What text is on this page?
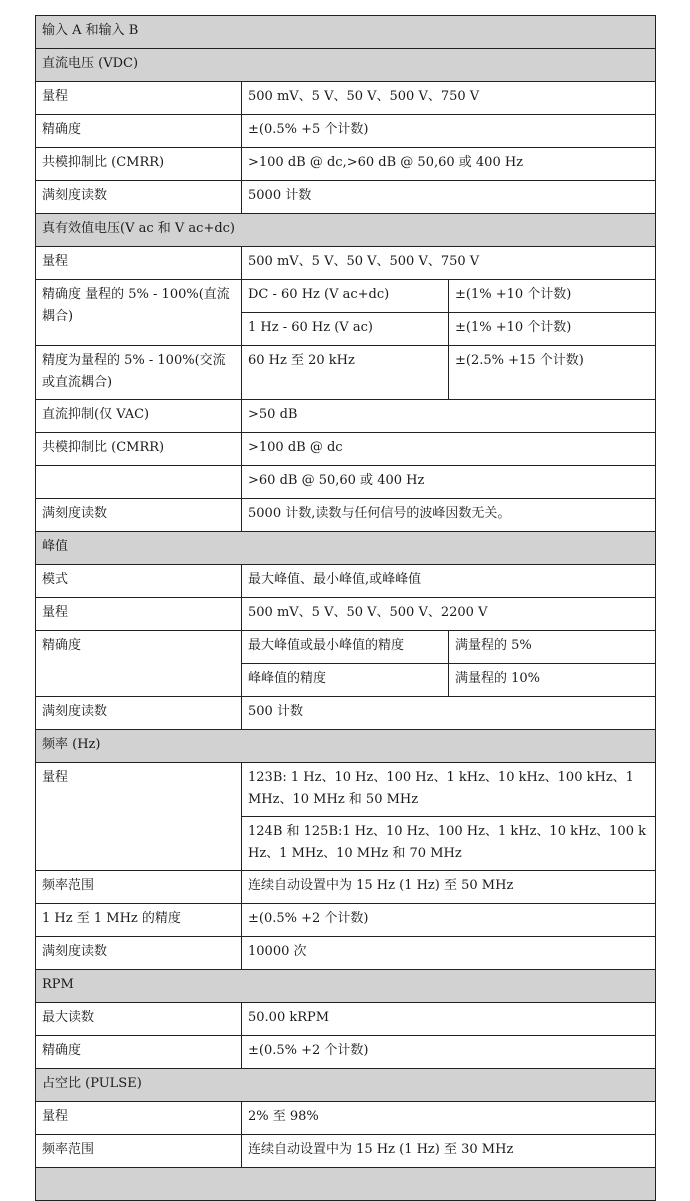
输入 A 和输入 B		
直流电压 (VDC)		
量程	500 mV、5 V、50 V、500 V、750 V	
精确度	±(0.5% +5 个计数)	
共模抑制比 (CMRR)	>100 dB @ dc,>60 dB @ 50,60 或 400 Hz	
满刻度读数	5000 计数	
真有效值电压(V ac 和 V ac+dc)		
量程	500 mV、5 V、50 V、500 V、750 V	
精确度 量程的 5% - 100%(直流耦合)	DC - 60 Hz (V ac+dc)	±(1% +10 个计数)
	1 Hz - 60 Hz (V ac)	±(1% +10 个计数)
精度为量程的 5% - 100%(交流或直流耦合)	60 Hz 至 20 kHz	±(2.5% +15 个计数)
直流抑制(仅 VAC)	>50 dB	
共模抑制比 (CMRR)	>100 dB @ dc	
	>60 dB @ 50,60 或 400 Hz	
满刻度读数	5000 计数,读数与任何信号的波峰因数无关。	
峰值		
模式	最大峰值、最小峰值,或峰峰值	
量程	500 mV、5 V、50 V、500 V、2200 V	
精确度	最大峰值或最小峰值的精度	满量程的 5%
	峰峰值的精度	满量程的 10%
满刻度读数	500 计数	
频率 (Hz)		
量程	123B: 1 Hz、10 Hz、100 Hz、1 kHz、10 kHz、100 kHz、1 MHz、10 MHz 和 50 MHz	
	124B 和 125B:1 Hz、10 Hz、100 Hz、1 kHz、10 kHz、100 kHz、1 MHz、10 MHz 和 70 MHz	
频率范围	连续自动设置中为 15 Hz (1 Hz) 至 50 MHz	
1 Hz 至 1 MHz 的精度	±(0.5% +2 个计数)	
满刻度读数	10000 次	
RPM		
最大读数	50.00 kRPM	
精确度	±(0.5% +2 个计数)	
占空比 (PULSE)		
量程	2% 至 98%	
频率范围	连续自动设置中为 15 Hz (1 Hz) 至 30 MHz	
